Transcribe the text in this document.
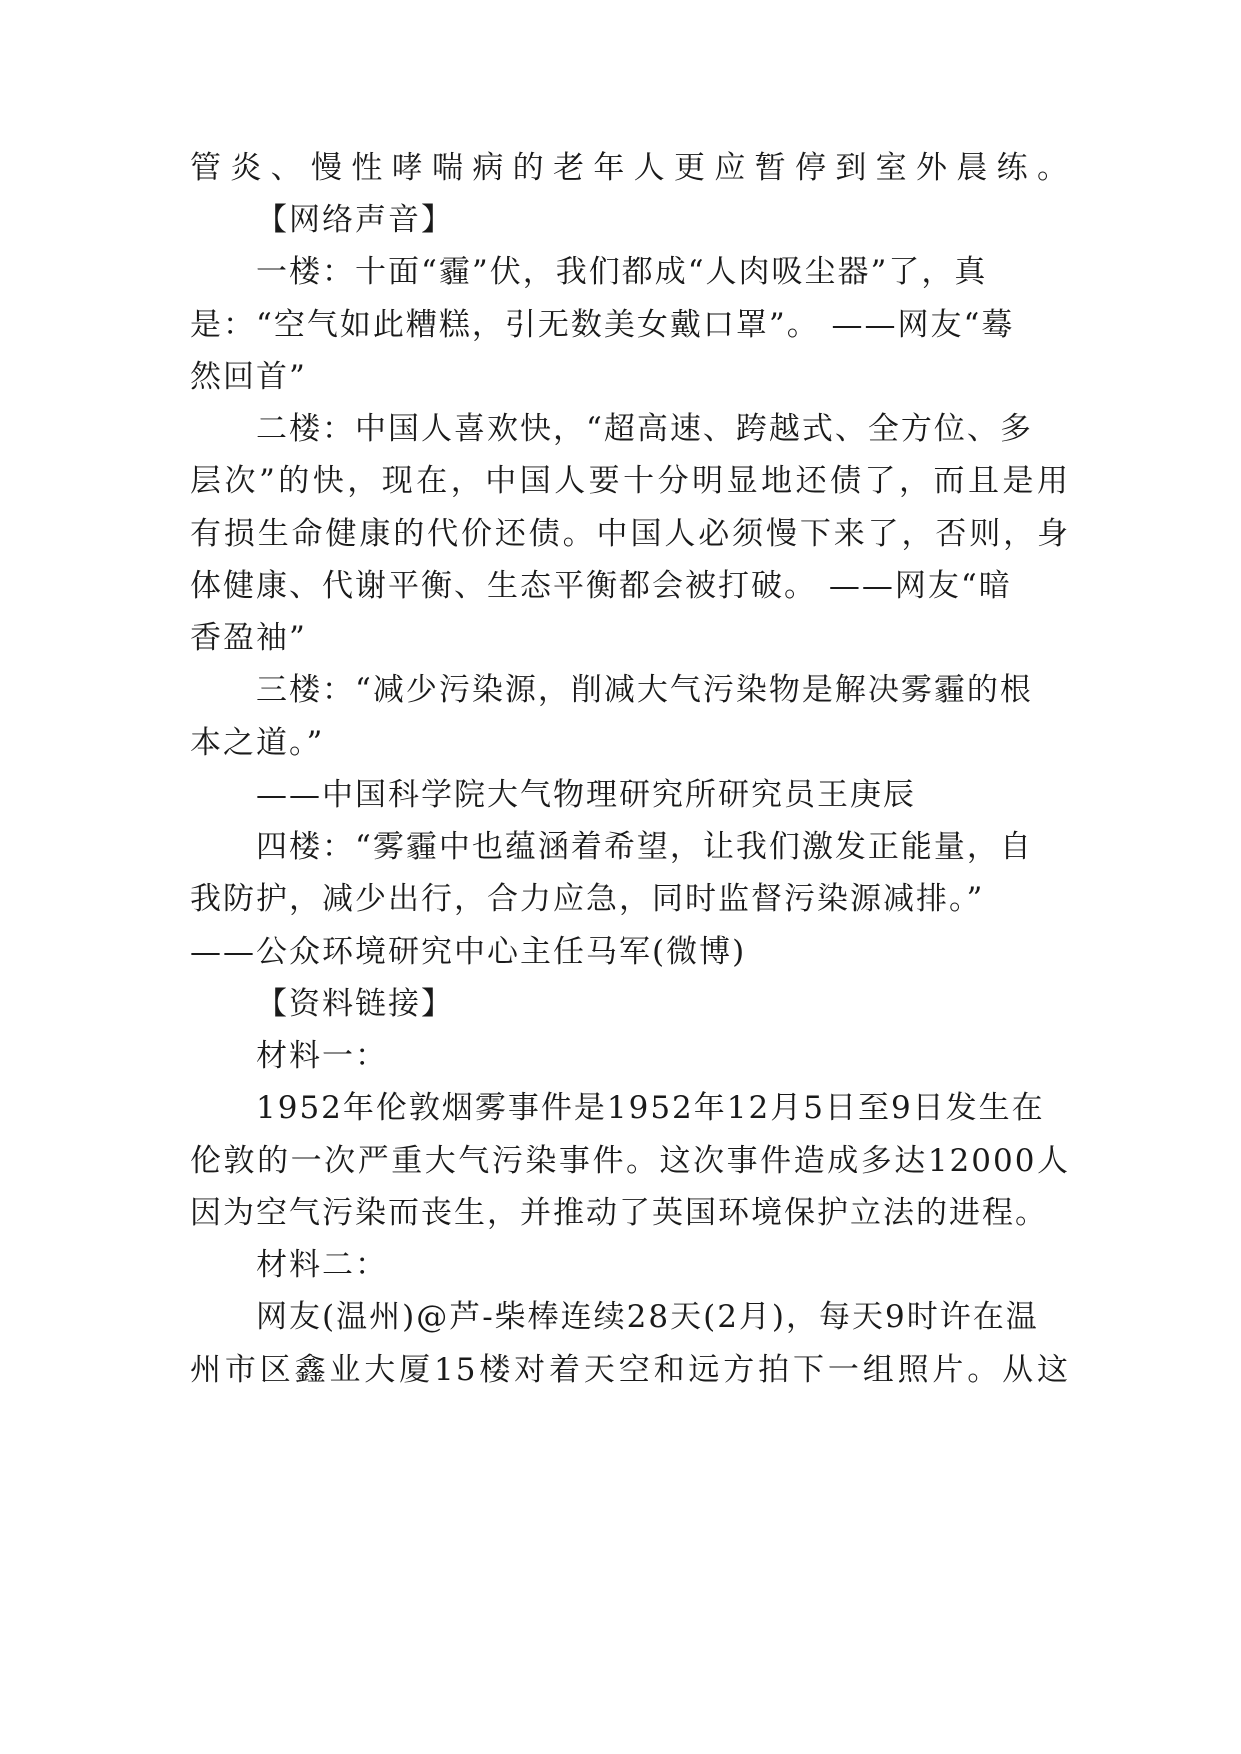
管炎、慢性哮喘病的老年人更应暂停到室外晨练。
【网络声音】
一楼：十面“霾”伏，我们都成“人肉吸尘器”了，真
是：“空气如此糟糕，引无数美女戴口罩”。 ——网友“蓦
然回首”
二楼：中国人喜欢快，“超高速、跨越式、全方位、多
层次”的快，现在，中国人要十分明显地还债了，而且是用
有损生命健康的代价还债。中国人必须慢下来了，否则，身
体健康、代谢平衡、生态平衡都会被打破。 ——网友“暗
香盈袖”
三楼：“减少污染源，削减大气污染物是解决雾霾的根
本之道。”
——中国科学院大气物理研究所研究员王庚辰
四楼：“雾霾中也蕴涵着希望，让我们激发正能量，自
我防护，减少出行，合力应急，同时监督污染源减排。”
——公众环境研究中心主任马军(微博)
【资料链接】
材料一：
1952年伦敦烟雾事件是1952年12月5日至9日发生在
伦敦的一次严重大气污染事件。这次事件造成多达12000人
因为空气污染而丧生，并推动了英国环境保护立法的进程。
材料二：
网友(温州)@芦-柴棒连续28天(2月)，每天9时许在温
州市区鑫业大厦15楼对着天空和远方拍下一组照片。从这
